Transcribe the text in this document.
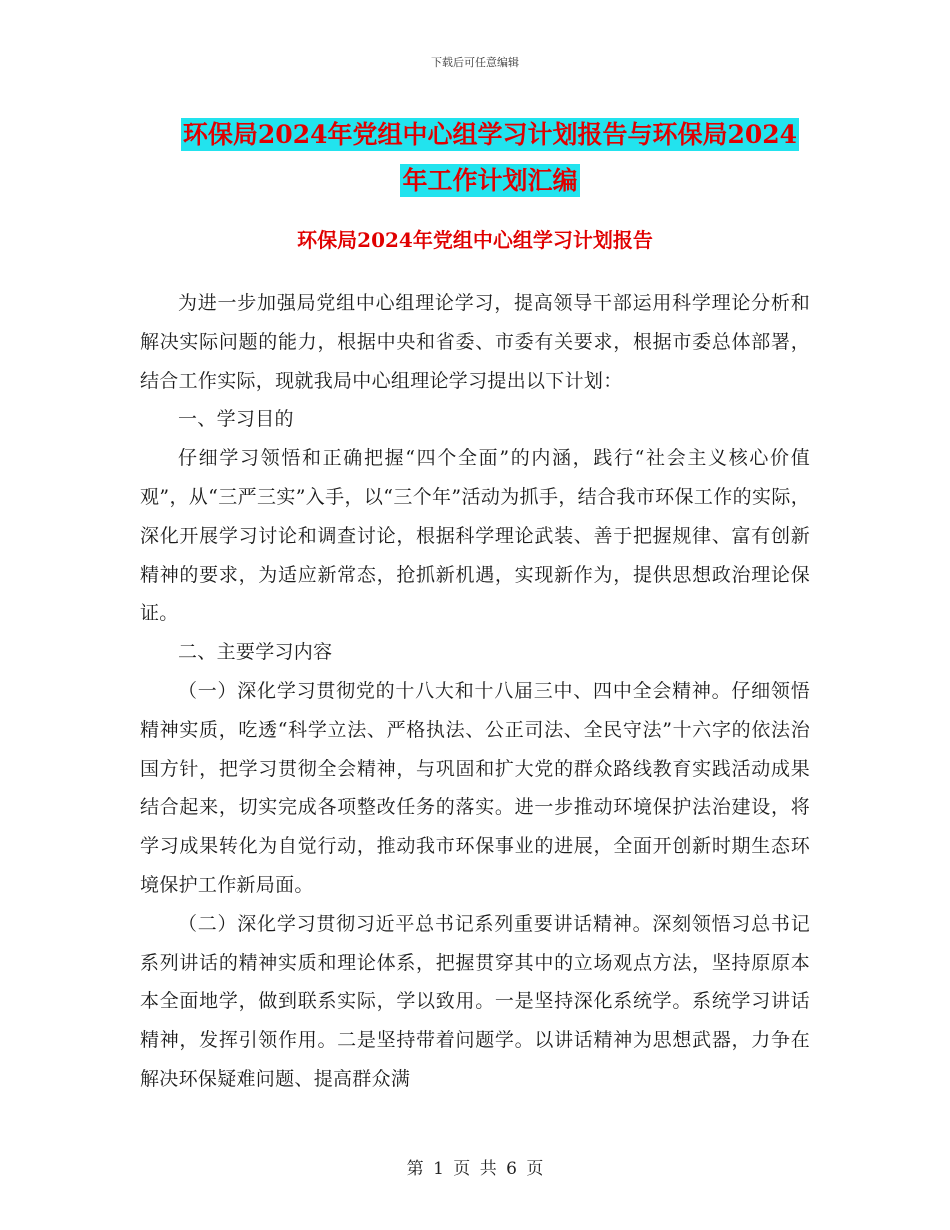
下载后可任意编辑
环保局2024年党组中心组学习计划报告与环保局2024
年工作计划汇编
环保局2024年党组中心组学习计划报告

为进一步加强局党组中心组理论学习，提高领导干部运用科学理论分析和解决实际问题的能力，根据中央和省委、市委有关要求，根据市委总体部署，结合工作实际，现就我局中心组理论学习提出以下计划：

一、学习目的

仔细学习领悟和正确把握“四个全面”的内涵，践行“社会主义核心价值观”，从“三严三实”入手，以“三个年”活动为抓手，结合我市环保工作的实际，深化开展学习讨论和调查讨论，根据科学理论武装、善于把握规律、富有创新精神的要求，为适应新常态，抢抓新机遇，实现新作为，提供思想政治理论保证。

二、主要学习内容

（一）深化学习贯彻党的十八大和十八届三中、四中全会精神。仔细领悟精神实质，吃透“科学立法、严格执法、公正司法、全民守法”十六字的依法治国方针，把学习贯彻全会精神，与巩固和扩大党的群众路线教育实践活动成果结合起来，切实完成各项整改任务的落实。进一步推动环境保护法治建设，将学习成果转化为自觉行动，推动我市环保事业的进展，全面开创新时期生态环境保护工作新局面。

（二）深化学习贯彻习近平总书记系列重要讲话精神。深刻领悟习总书记系列讲话的精神实质和理论体系，把握贯穿其中的立场观点方法，坚持原原本本全面地学，做到联系实际，学以致用。一是坚持深化系统学。系统学习讲话精神，发挥引领作用。二是坚持带着问题学。以讲话精神为思想武器，力争在解决环保疑难问题、提高群众满

第 1 页 共 6 页
